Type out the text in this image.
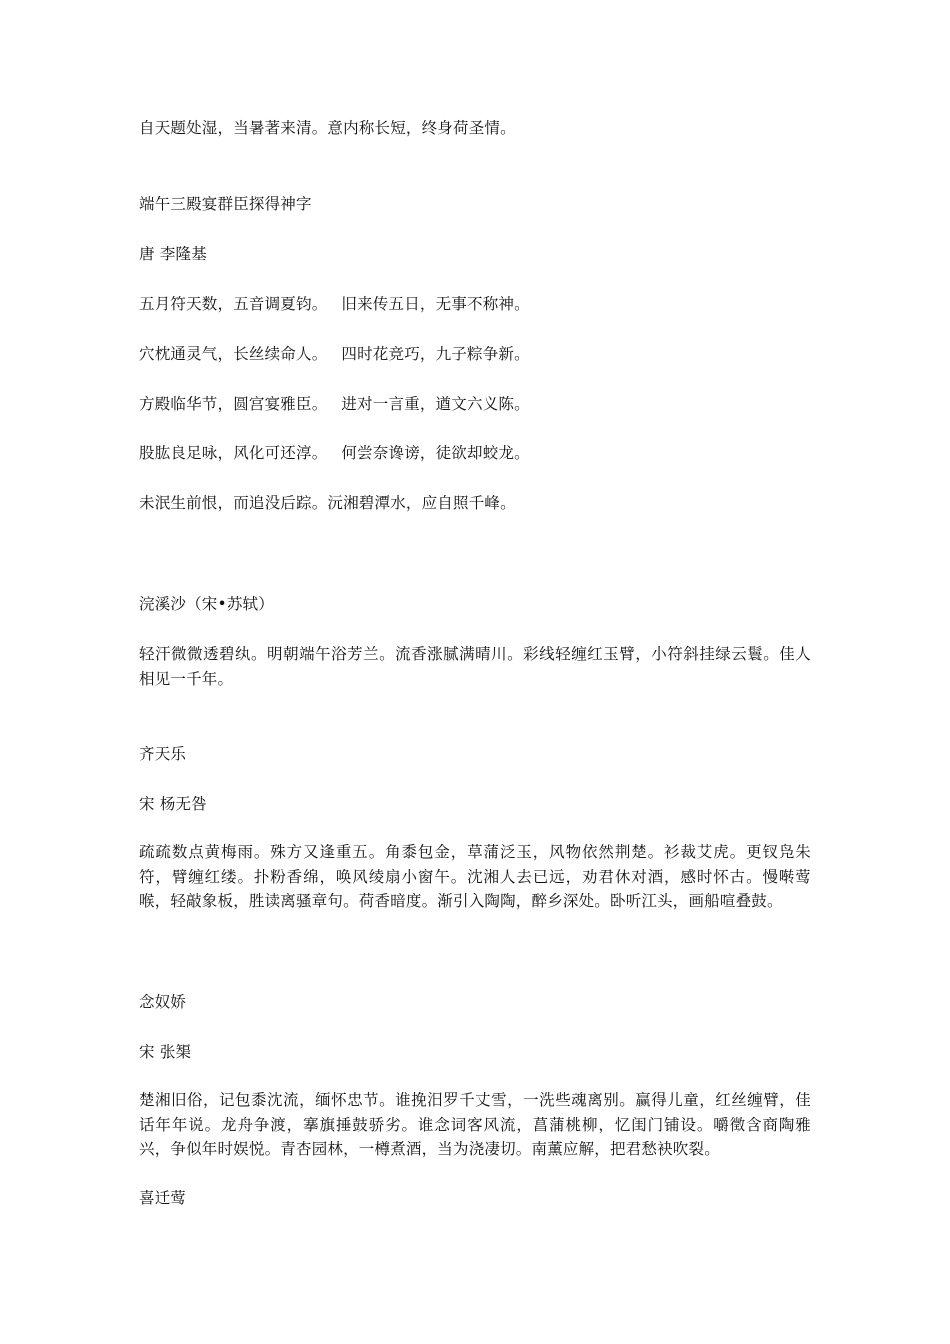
自天题处湿，当暑著来清。意内称长短，终身荷圣情。
端午三殿宴群臣探得神字
唐 李隆基
五月符天数，五音调夏钧。 旧来传五日，无事不称神。
穴枕通灵气，长丝续命人。 四时花竞巧，九子粽争新。
方殿临华节，圆宫宴雅臣。 进对一言重，遒文六义陈。
股肱良足咏，风化可还淳。 何尝奈谗谤，徒欲却蛟龙。
未泯生前恨，而追没后踪。沅湘碧潭水，应自照千峰。
浣溪沙（宋•苏轼）
轻汗微微透碧纨。明朝端午浴芳兰。流香涨腻满晴川。彩线轻缠红玉臂，小符斜挂绿云鬟。佳人相见一千年。
齐天乐
宋 杨无咎
疏疏数点黄梅雨。殊方又逢重五。角黍包金，草蒲泛玉，风物依然荆楚。衫裁艾虎。更钗凫朱符，臂缠红缕。扑粉香绵，唤风绫扇小窗午。沈湘人去已远，劝君休对酒，感时怀古。慢啭莺喉，轻敲象板，胜读离骚章句。荷香暗度。渐引入陶陶，醉乡深处。卧听江头，画船喧叠鼓。
念奴娇
宋 张榘
楚湘旧俗，记包黍沈流，缅怀忠节。谁挽汨罗千丈雪，一洗些魂离别。赢得儿童，红丝缠臂，佳话年年说。龙舟争渡，搴旗捶鼓骄劣。谁念词客风流，菖蒲桃柳，忆闺门铺设。嚼徵含商陶雅兴，争似年时娱悦。青杏园林，一樽煮酒，当为浇凄切。南薰应解，把君愁袂吹裂。
喜迁莺
